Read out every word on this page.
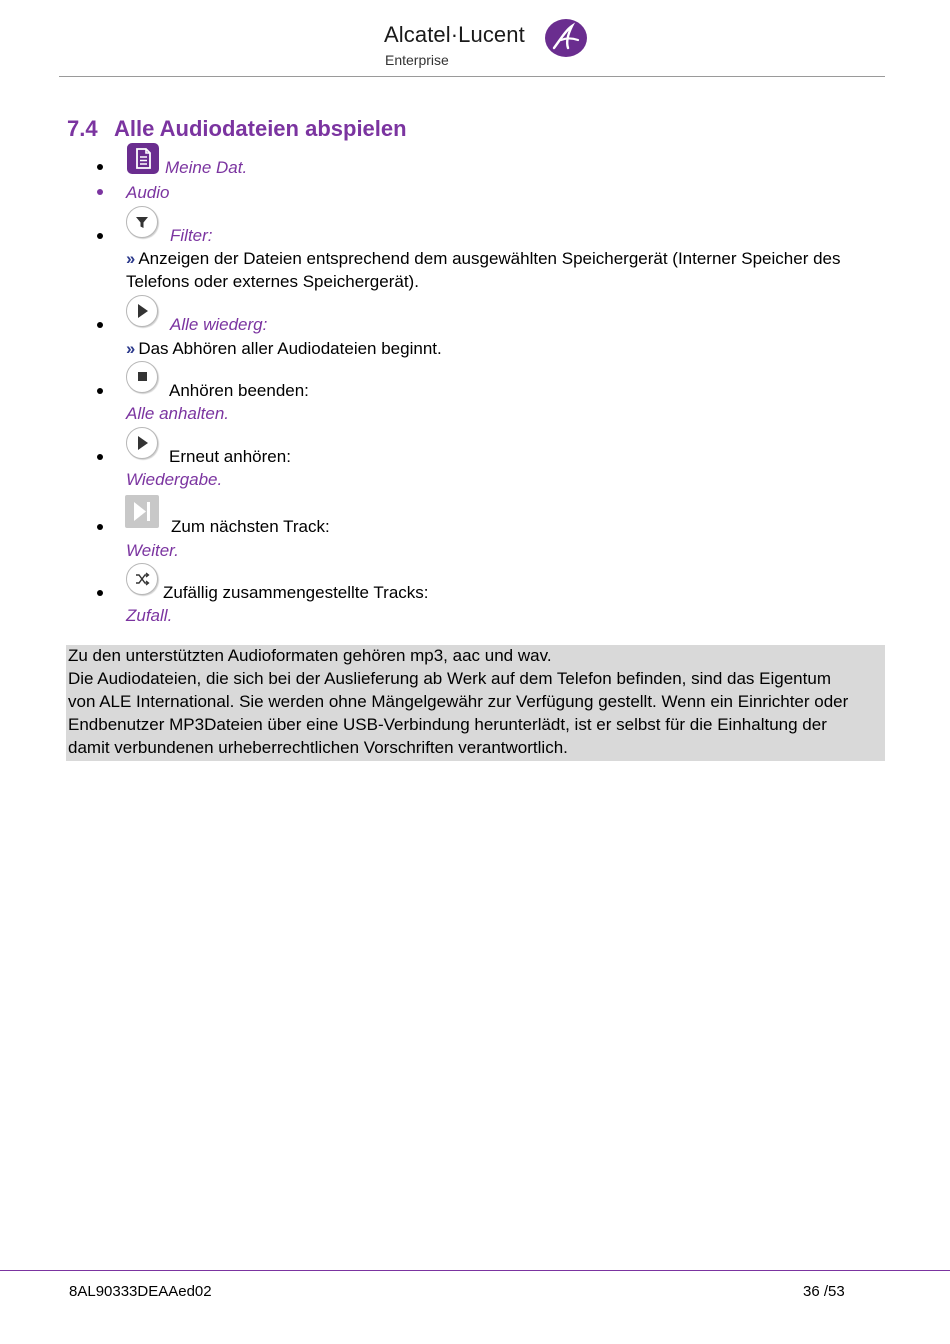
Alcatel·Lucent
Enterprise
7.4 Alle Audiodateien abspielen
Meine Dat.
Audio
Filter:
›› Anzeigen der Dateien entsprechend dem ausgewählten Speichergerät (Interner Speicher des
Telefons oder externes Speichergerät).
Alle wiederg:
›› Das Abhören aller Audiodateien beginnt.
Anhören beenden:
Alle anhalten.
Erneut anhören:
Wiedergabe.
Zum nächsten Track:
Weiter.
Zufällig zusammengestellte Tracks:
Zufall.
Zu den unterstützten Audioformaten gehören mp3, aac und wav.
Die Audiodateien, die sich bei der Auslieferung ab Werk auf dem Telefon befinden, sind das Eigentum
von ALE International. Sie werden ohne Mängelgewähr zur Verfügung gestellt. Wenn ein Einrichter oder
Endbenutzer MP3Dateien über eine USB-Verbindung herunterlädt, ist er selbst für die Einhaltung der
damit verbundenen urheberrechtlichen Vorschriften verantwortlich.
8AL90333DEAAed02	36 /53
